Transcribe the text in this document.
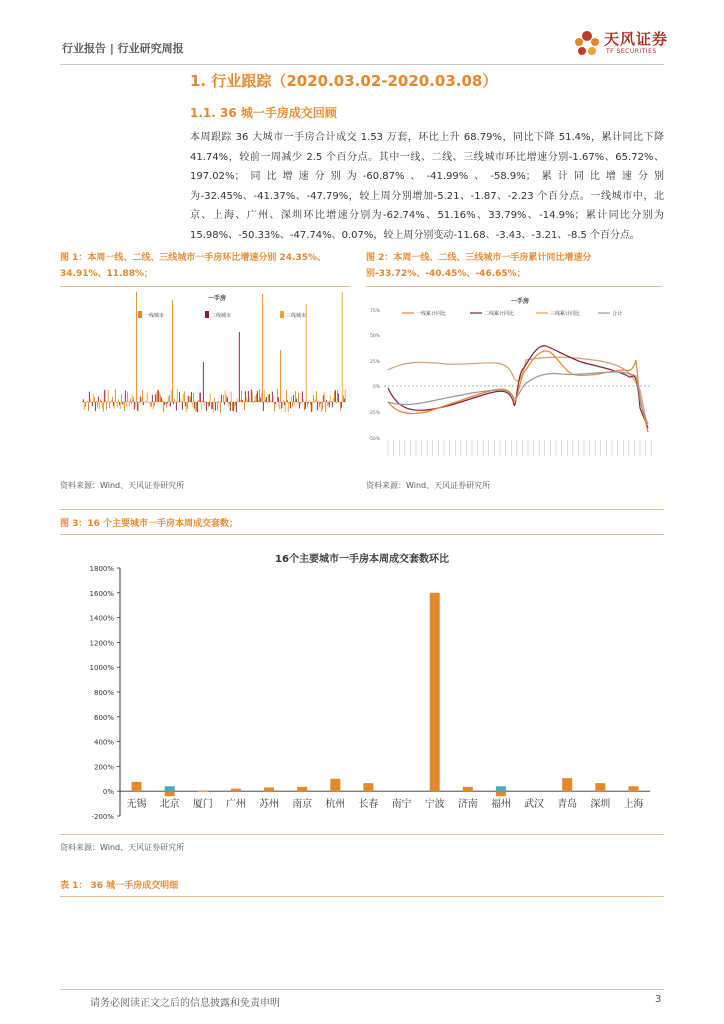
行业报告 | 行业研究周报
天风证券
TF SECURITIES
1. 行业跟踪（2020.03.02-2020.03.08）
1.1. 36 城一手房成交回顾
本周跟踪 36 大城市一手房合计成交 1.53 万套，环比上升 68.79%，同比下降 51.4%，累计同比下降 41.74%，较前一周减少 2.5 个百分点。其中一线、二线、三线城市环比增速分别-1.67%、65.72%、197.02%；同比增速分别为-60.87%、-41.99%、-58.9%；累计同比增速分别为-32.45%、-41.37%、-47.79%，较上周分别增加-5.21、-1.87、-2.23 个百分点。一线城市中，北京、上海、广州、深圳环比增速分别为-62.74%、51.16%、33.79%、-14.9%；累计同比分别为 15.98%、-50.33%、-47.74%、0.07%，较上周分别变动-11.68、-3.43、-3.21、-8.5 个百分点。
图 1：本周一线、二线、三线城市一手房环比增速分别 24.35%、34.91%、11.88%；
一手房
一线城市	二线城市	三线城市
资料来源：Wind、天风证券研究所
图 2：本周一线、二线、三线城市一手房累计同比增速分别-33.72%、-40.45%、-46.65%；
一手房
一线累计同比	二线累计同比	三线累计同比	合计
75%
50%
25%
0%
-25%
-50%
资料来源：Wind、天风证券研究所
图 3：16 个主要城市一手房本周成交套数；
16个主要城市一手房本周成交套数环比
1800%
1600%
1400%
1200%
1000%
800%
600%
400%
200%
0%
-200%
无锡 北京 厦门 广州 苏州 南京 杭州 长春 南宁 宁波 济南 福州 武汉 青岛 深圳 上海
资料来源：Wind、天风证券研究所
表 1： 36 城一手房成交明细
请务必阅读正文之后的信息披露和免责申明	3
